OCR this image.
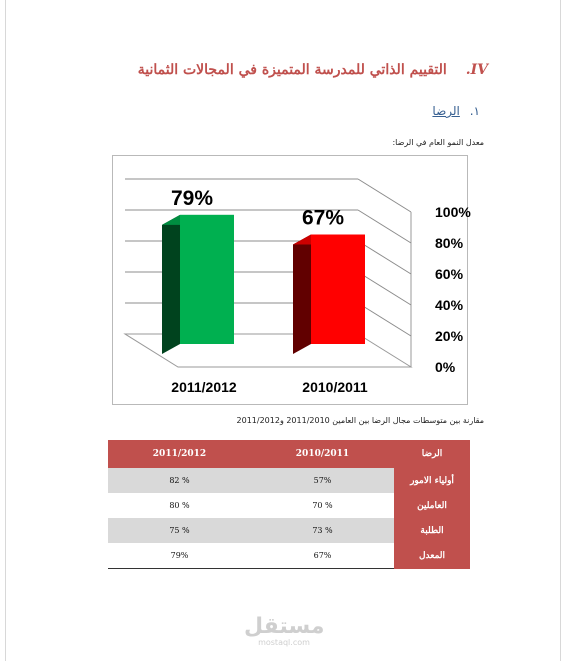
IV. التقييم الذاتي للمدرسة المتميزة في المجالات الثمانية
١. الرضا
معدل النمو العام في الرضا:
0%
20%
40%
60%
80%
100%
79%
2011/2012
67%
2010/2011
مقارنة بين متوسطات مجال الرضا بين العامين 2011/2010 و2011/2012
2011/2012	2010/2011	الرضا
82 %	57%	أولياء الامور
80 %	70 %	العاملين
75 %	73 %	الطلبة
79%	67%	المعدل
مستقل
mostaql.com
